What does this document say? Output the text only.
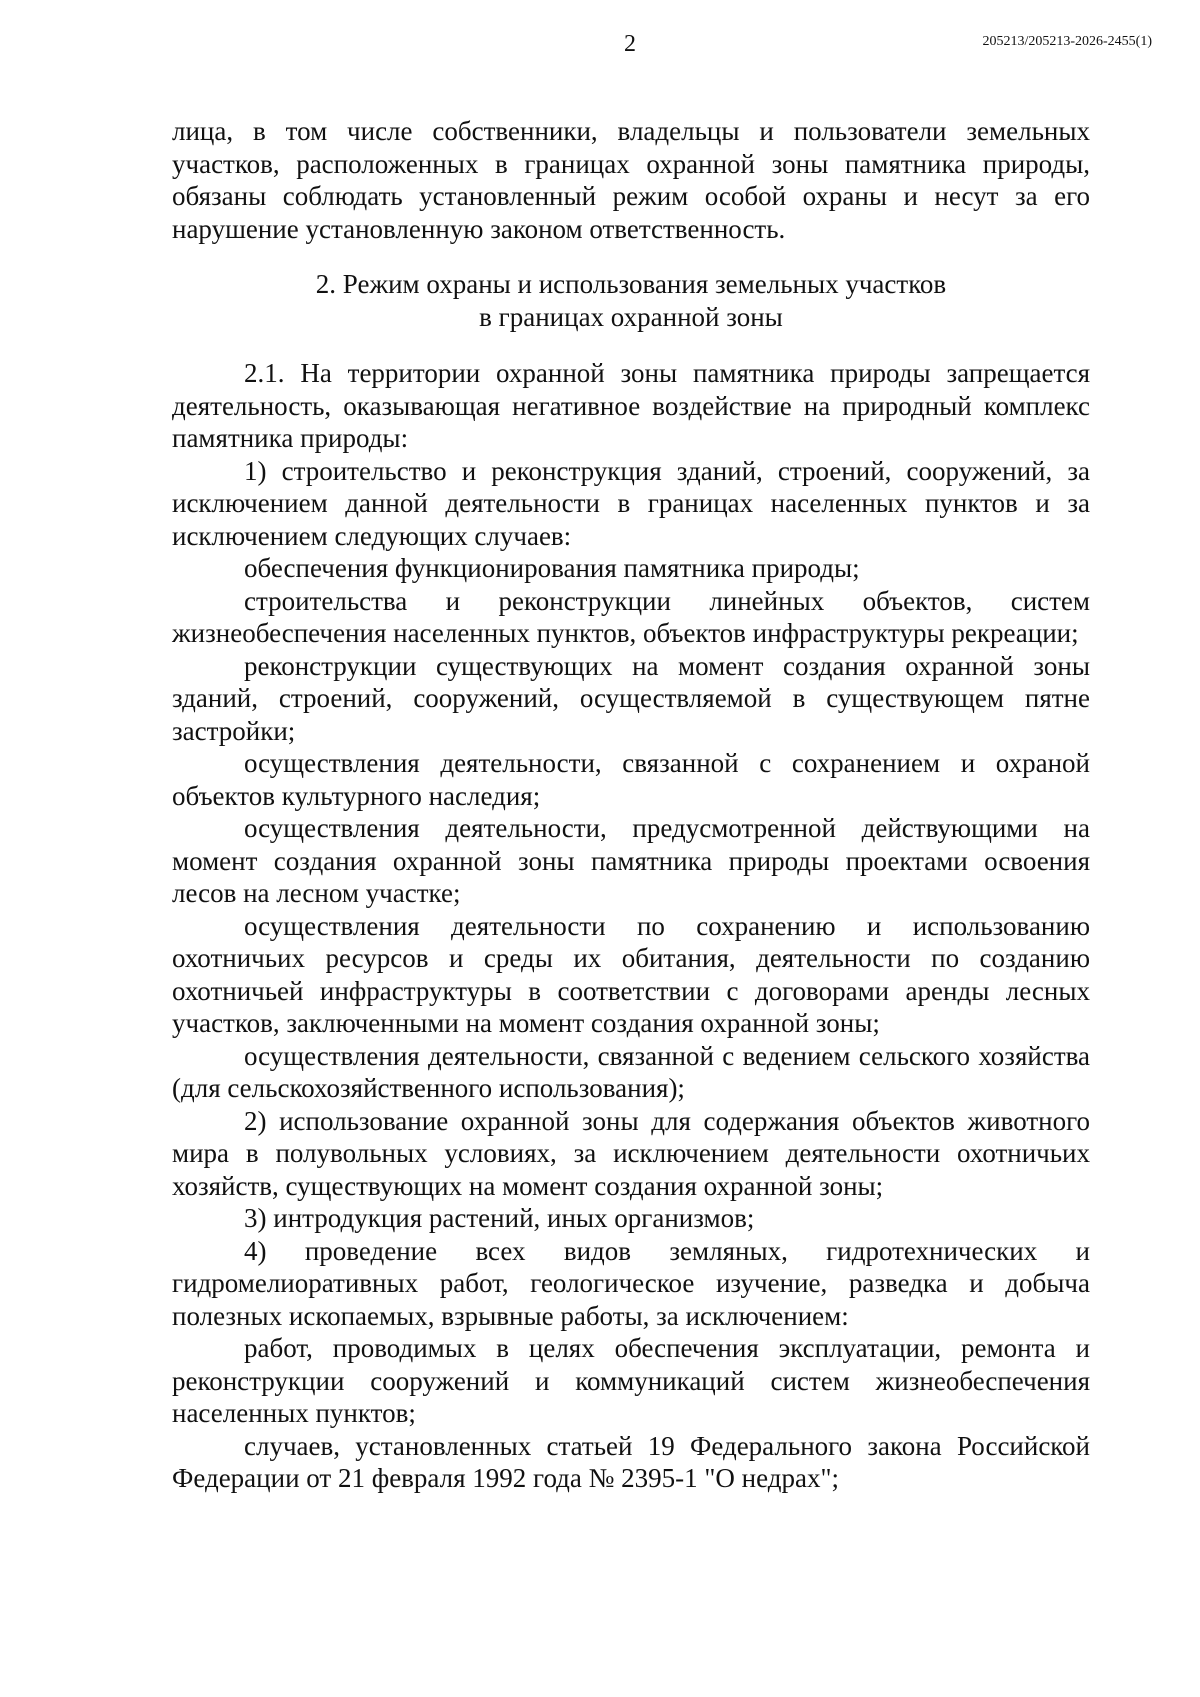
2	205213/205213-2026-2455(1)

лица, в том числе собственники, владельцы и пользователи земельных участков, расположенных в границах охранной зоны памятника природы, обязаны соблюдать установленный режим особой охраны и несут за его нарушение установленную законом ответственность.

2. Режим охраны и использования земельных участков
в границах охранной зоны

2.1. На территории охранной зоны памятника природы запрещается деятельность, оказывающая негативное воздействие на природный комплекс памятника природы:

1) строительство и реконструкция зданий, строений, сооружений, за исключением данной деятельности в границах населенных пунктов и за исключением следующих случаев:

обеспечения функционирования памятника природы;

строительства и реконструкции линейных объектов, систем жизнеобеспечения населенных пунктов, объектов инфраструктуры рекреации;

реконструкции существующих на момент создания охранной зоны зданий, строений, сооружений, осуществляемой в существующем пятне застройки;

осуществления деятельности, связанной с сохранением и охраной объектов культурного наследия;

осуществления деятельности, предусмотренной действующими на момент создания охранной зоны памятника природы проектами освоения лесов на лесном участке;

осуществления деятельности по сохранению и использованию охотничьих ресурсов и среды их обитания, деятельности по созданию охотничьей инфраструктуры в соответствии с договорами аренды лесных участков, заключенными на момент создания охранной зоны;

осуществления деятельности, связанной с ведением сельского хозяйства (для сельскохозяйственного использования);

2) использование охранной зоны для содержания объектов животного мира в полувольных условиях, за исключением деятельности охотничьих хозяйств, существующих на момент создания охранной зоны;

3) интродукция растений, иных организмов;

4) проведение всех видов земляных, гидротехнических и гидромелиоративных работ, геологическое изучение, разведка и добыча полезных ископаемых, взрывные работы, за исключением:

работ, проводимых в целях обеспечения эксплуатации, ремонта и реконструкции сооружений и коммуникаций систем жизнеобеспечения населенных пунктов;

случаев, установленных статьей 19 Федерального закона Российской Федерации от 21 февраля 1992 года № 2395-1 "О недрах";
